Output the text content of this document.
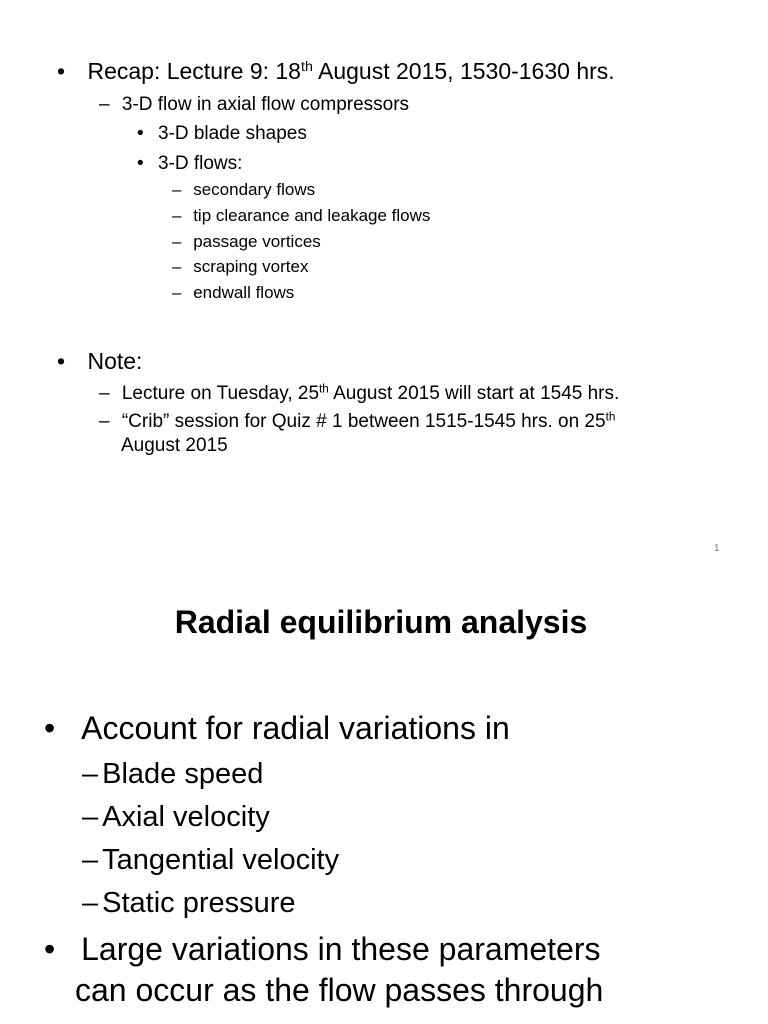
• Recap: Lecture 9: 18th August 2015, 1530-1630 hrs.
– 3-D flow in axial flow compressors
• 3-D blade shapes
• 3-D flows:
– secondary flows
– tip clearance and leakage flows
– passage vortices
– scraping vortex
– endwall flows
• Note:
– Lecture on Tuesday, 25th August 2015 will start at 1545 hrs.
– “Crib” session for Quiz # 1 between 1515-1545 hrs. on 25th
August 2015
1
Radial equilibrium analysis
• Account for radial variations in
– Blade speed
– Axial velocity
– Tangential velocity
– Static pressure
• Large variations in these parameters
can occur as the flow passes through
